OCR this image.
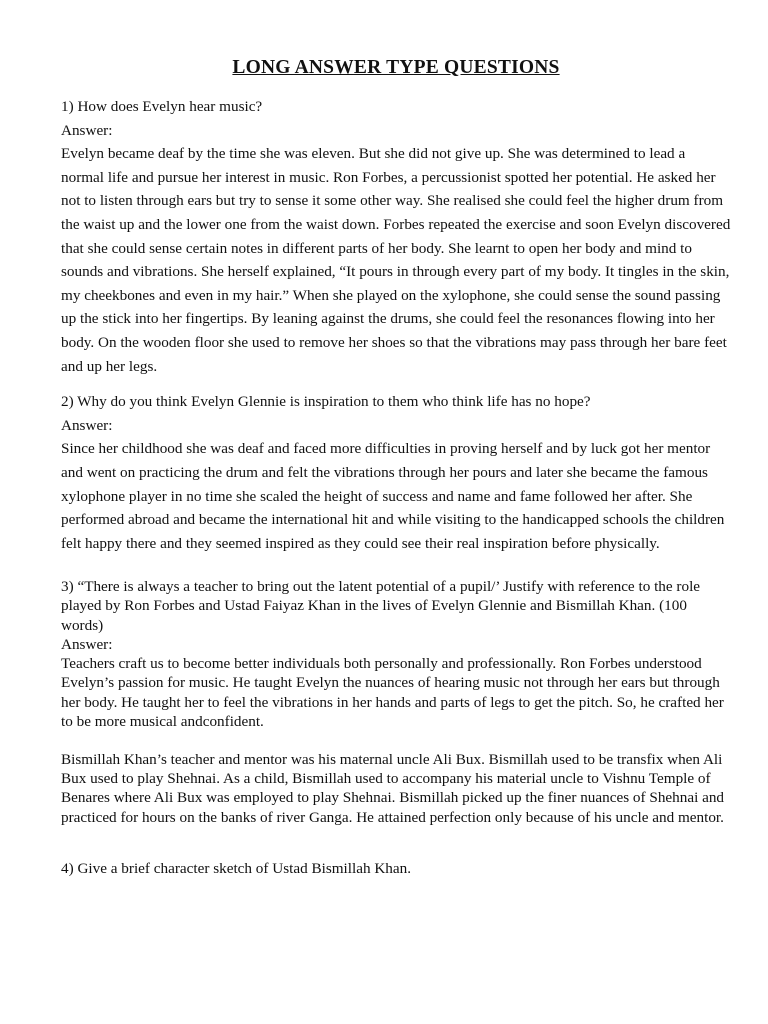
LONG ANSWER TYPE QUESTIONS
1) How does Evelyn hear music?
Answer:
Evelyn became deaf by the time she was eleven. But she did not give up. She was determined to lead a normal life and pursue her interest in music. Ron Forbes, a percussionist spotted her potential. He asked her not to listen through ears but try to sense it some other way. She realised she could feel the higher drum from the waist up and the lower one from the waist down. Forbes repeated the exercise and soon Evelyn discovered that she could sense certain notes in different parts of her body. She learnt to open her body and mind to sounds and vibrations. She herself explained, “It pours in through every part of my body. It tingles in the skin, my cheekbones and even in my hair.” When she played on the xylophone, she could sense the sound passing up the stick into her fingertips. By leaning against the drums, she could feel the resonances flowing into her body. On the wooden floor she used to remove her shoes so that the vibrations may pass through her bare feet and up her legs.
2) Why do you think Evelyn Glennie is inspiration to them who think life has no hope?
Answer:
Since her childhood she was deaf and faced more difficulties in proving herself and by luck got her mentor and went on practicing the drum and felt the vibrations through her pours and later she became the famous xylophone player in no time she scaled the height of success and name and fame followed her after. She performed abroad and became the international hit and while visiting to the handicapped schools the children felt happy there and they seemed inspired as they could see their real inspiration before physically.
3) “There is always a teacher to bring out the latent potential of a pupil/’ Justify with reference to the role played by Ron Forbes and Ustad Faiyaz Khan in the lives of Evelyn Glennie and Bismillah Khan. (100 words)
Answer:
Teachers craft us to become better individuals both personally and professionally. Ron Forbes understood Evelyn’s passion for music. He taught Evelyn the nuances of hearing music not through her ears but through her body. He taught her to feel the vibrations in her hands and parts of legs to get the pitch. So, he crafted her to be more musical andconfident.
Bismillah Khan’s teacher and mentor was his maternal uncle Ali Bux. Bismillah used to be transfix when Ali Bux used to play Shehnai. As a child, Bismillah used to accompany his material uncle to Vishnu Temple of Benares where Ali Bux was employed to play Shehnai. Bismillah picked up the finer nuances of Shehnai and practiced for hours on the banks of river Ganga. He attained perfection only because of his uncle and mentor.
4) Give a brief character sketch of Ustad Bismillah Khan.
